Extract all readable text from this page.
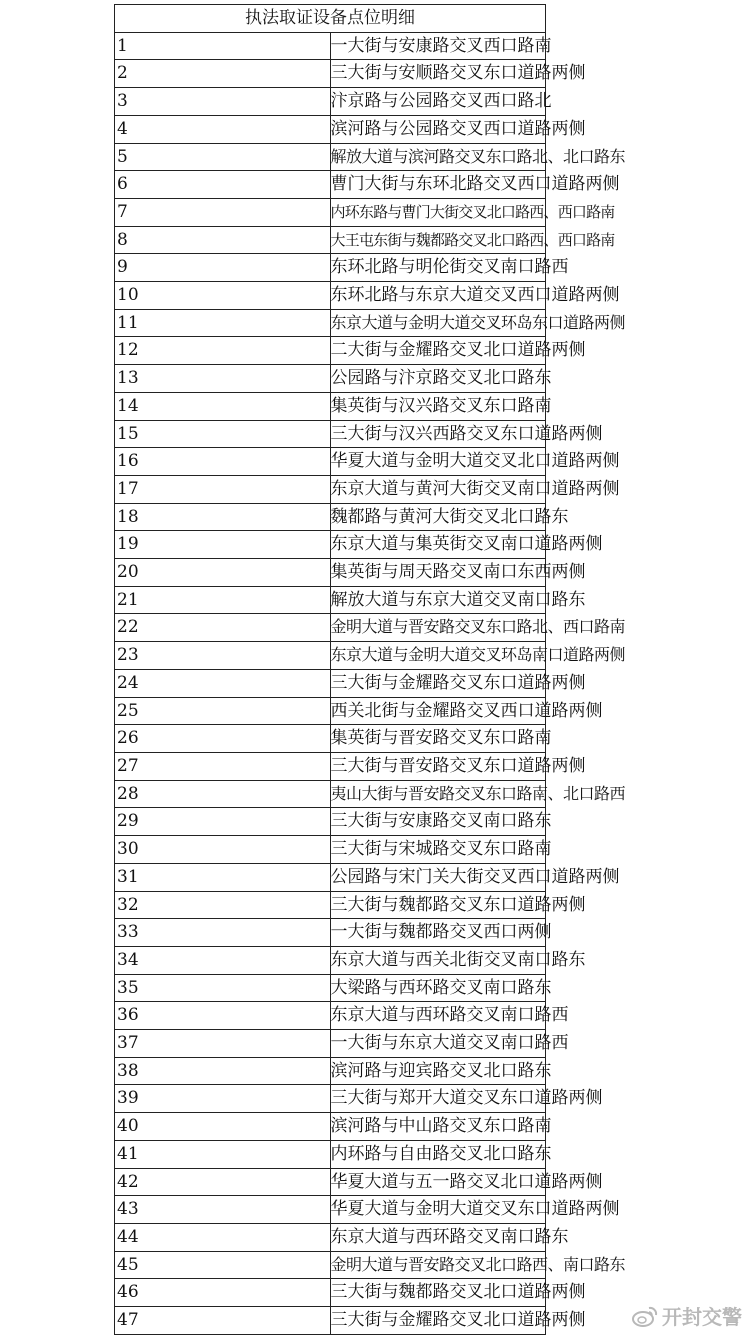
执法取证设备点位明细	
1	一大街与安康路交叉西口路南
2	三大街与安顺路交叉东口道路两侧
3	汴京路与公园路交叉西口路北
4	滨河路与公园路交叉西口道路两侧
5	解放大道与滨河路交叉东口路北、北口路东
6	曹门大街与东环北路交叉西口道路两侧
7	内环东路与曹门大街交叉北口路西、西口路南
8	大王屯东街与魏都路交叉北口路西、西口路南
9	东环北路与明伦街交叉南口路西
10	东环北路与东京大道交叉西口道路两侧
11	东京大道与金明大道交叉环岛东口道路两侧
12	二大街与金耀路交叉北口道路两侧
13	公园路与汴京路交叉北口路东
14	集英街与汉兴路交叉东口路南
15	三大街与汉兴西路交叉东口道路两侧
16	华夏大道与金明大道交叉北口道路两侧
17	东京大道与黄河大街交叉南口道路两侧
18	魏都路与黄河大街交叉北口路东
19	东京大道与集英街交叉南口道路两侧
20	集英街与周天路交叉南口东西两侧
21	解放大道与东京大道交叉南口路东
22	金明大道与晋安路交叉东口路北、西口路南
23	东京大道与金明大道交叉环岛南口道路两侧
24	三大街与金耀路交叉东口道路两侧
25	西关北街与金耀路交叉西口道路两侧
26	集英街与晋安路交叉东口路南
27	三大街与晋安路交叉东口道路两侧
28	夷山大街与晋安路交叉东口路南、北口路西
29	三大街与安康路交叉南口路东
30	三大街与宋城路交叉东口路南
31	公园路与宋门关大街交叉西口道路两侧
32	三大街与魏都路交叉东口道路两侧
33	一大街与魏都路交叉西口两侧
34	东京大道与西关北街交叉南口路东
35	大梁路与西环路交叉南口路东
36	东京大道与西环路交叉南口路西
37	一大街与东京大道交叉南口路西
38	滨河路与迎宾路交叉北口路东
39	三大街与郑开大道交叉东口道路两侧
40	滨河路与中山路交叉东口路南
41	内环路与自由路交叉北口路东
42	华夏大道与五一路交叉北口道路两侧
43	华夏大道与金明大道交叉东口道路两侧
44	东京大道与西环路交叉南口路东
45	金明大道与晋安路交叉北口路西、南口路东
46	三大街与魏都路交叉北口道路两侧
47	三大街与金耀路交叉北口道路两侧	开封交警
